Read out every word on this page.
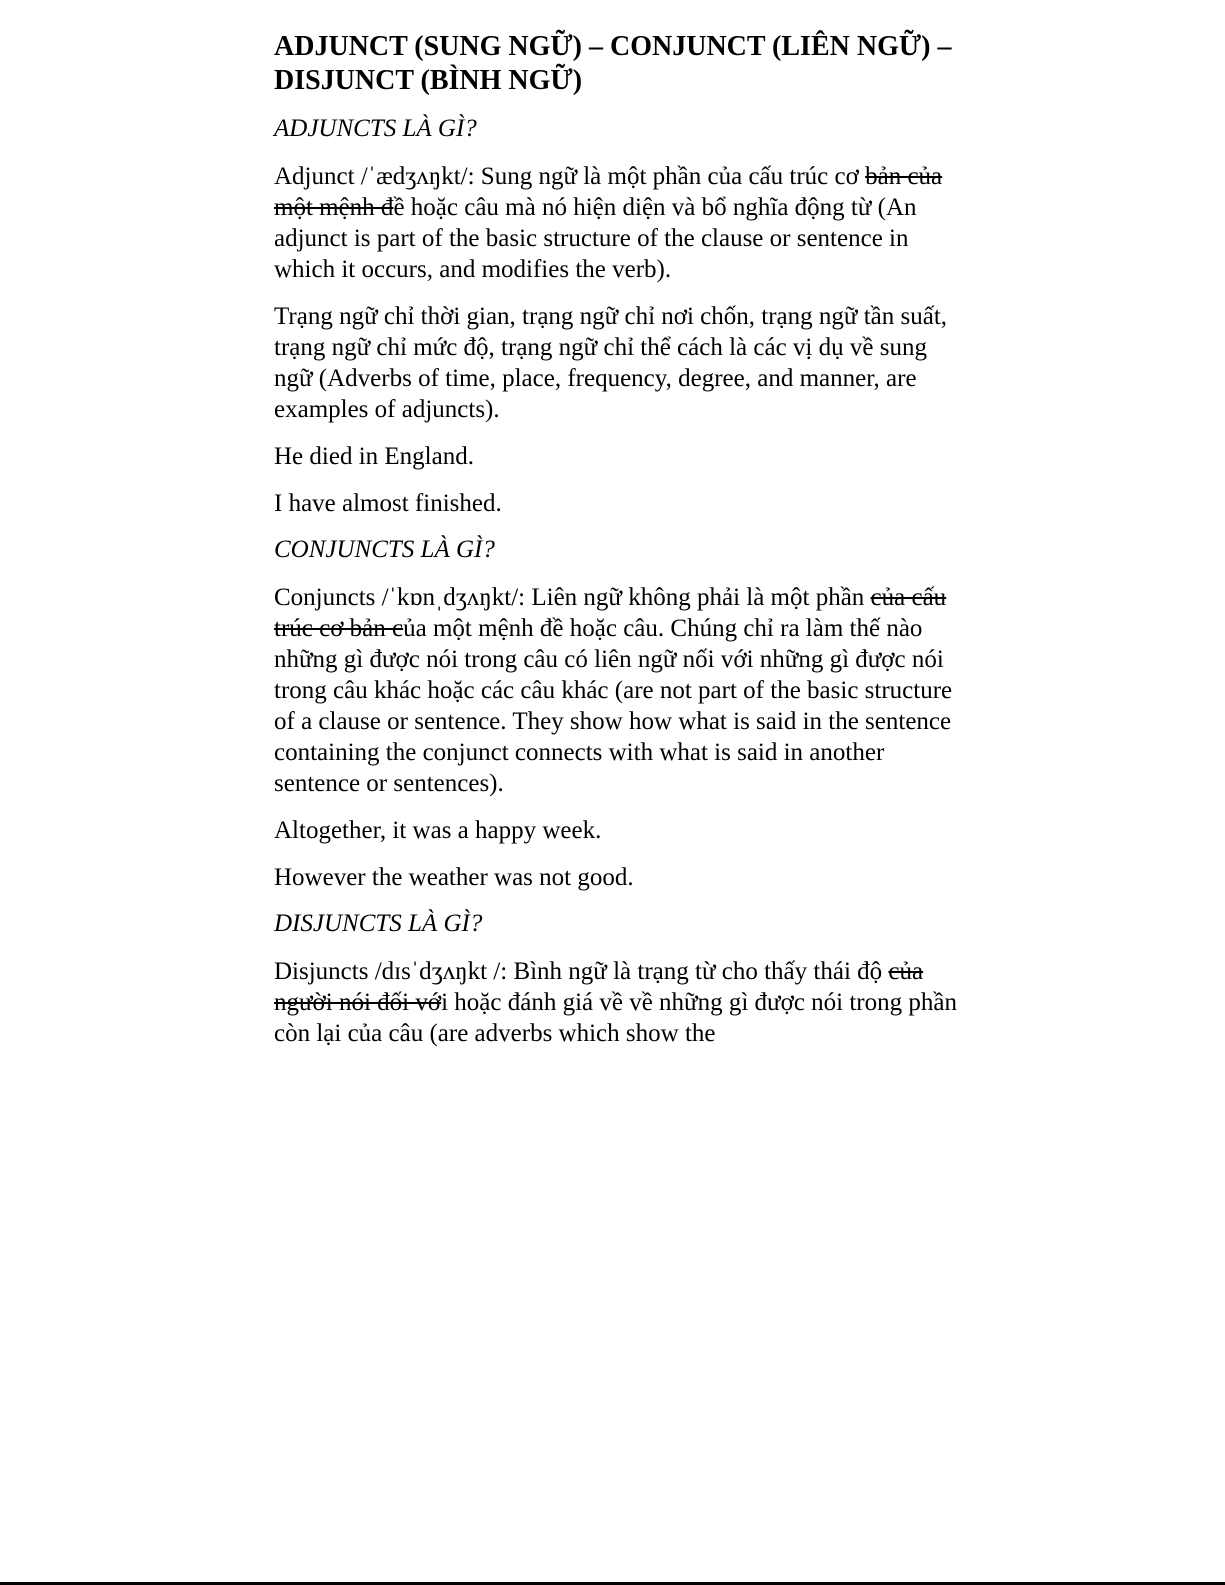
ADJUNCT (SUNG NGỮ) – CONJUNCT (LIÊN NGỮ) – DISJUNCT (BÌNH NGỮ)
ADJUNCTS LÀ GÌ?

Adjunct /ˈædʒʌŋkt/: Sung ngữ là một phần của cấu trúc cơ bản của một mệnh đề hoặc câu mà nó hiện diện và bổ nghĩa động từ (An adjunct is part of the basic structure of the clause or sentence in which it occurs, and modifies the verb).

Trạng ngữ chỉ thời gian, trạng ngữ chỉ nơi chốn, trạng ngữ tần suất, trạng ngữ chỉ mức độ, trạng ngữ chỉ thể cách là các vị dụ về sung ngữ (Adverbs of time, place, frequency, degree, and manner, are examples of adjuncts).

He died in England.

I have almost finished.

CONJUNCTS LÀ GÌ?

Conjuncts /ˈkɒnˌdʒʌŋkt/: Liên ngữ không phải là một phần của cấu trúc cơ bản của một mệnh đề hoặc câu. Chúng chỉ ra làm thế nào những gì được nói trong câu có liên ngữ nối với những gì được nói trong câu khác hoặc các câu khác (are not part of the basic structure of a clause or sentence. They show how what is said in the sentence containing the conjunct connects with what is said in another sentence or sentences).

Altogether, it was a happy week.

However the weather was not good.

DISJUNCTS LÀ GÌ?

Disjuncts /dɪsˈdʒʌŋkt /: Bình ngữ là trạng từ cho thấy thái độ của người nói đối với hoặc đánh giá về về những gì được nói trong phần còn lại của câu (are adverbs which show the
